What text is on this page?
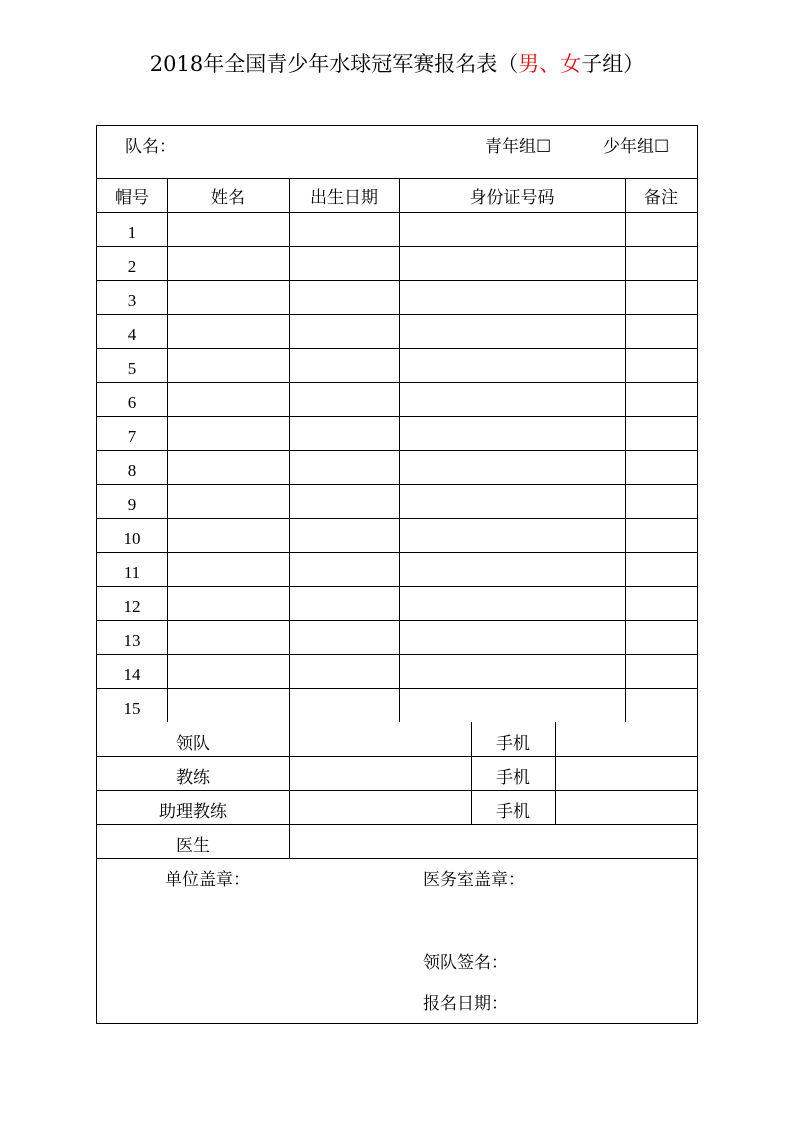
2018年全国青少年水球冠军赛报名表（男、女子组）
队名：	青年组☐	少年组☐
帽号	姓名	出生日期	身份证号码	备注
1
2
3
4
5
6
7
8
9
10
11
12
13
14
15
领队	手机
教练	手机
助理教练	手机
医生
单位盖章：	医务室盖章：
领队签名：
报名日期：
